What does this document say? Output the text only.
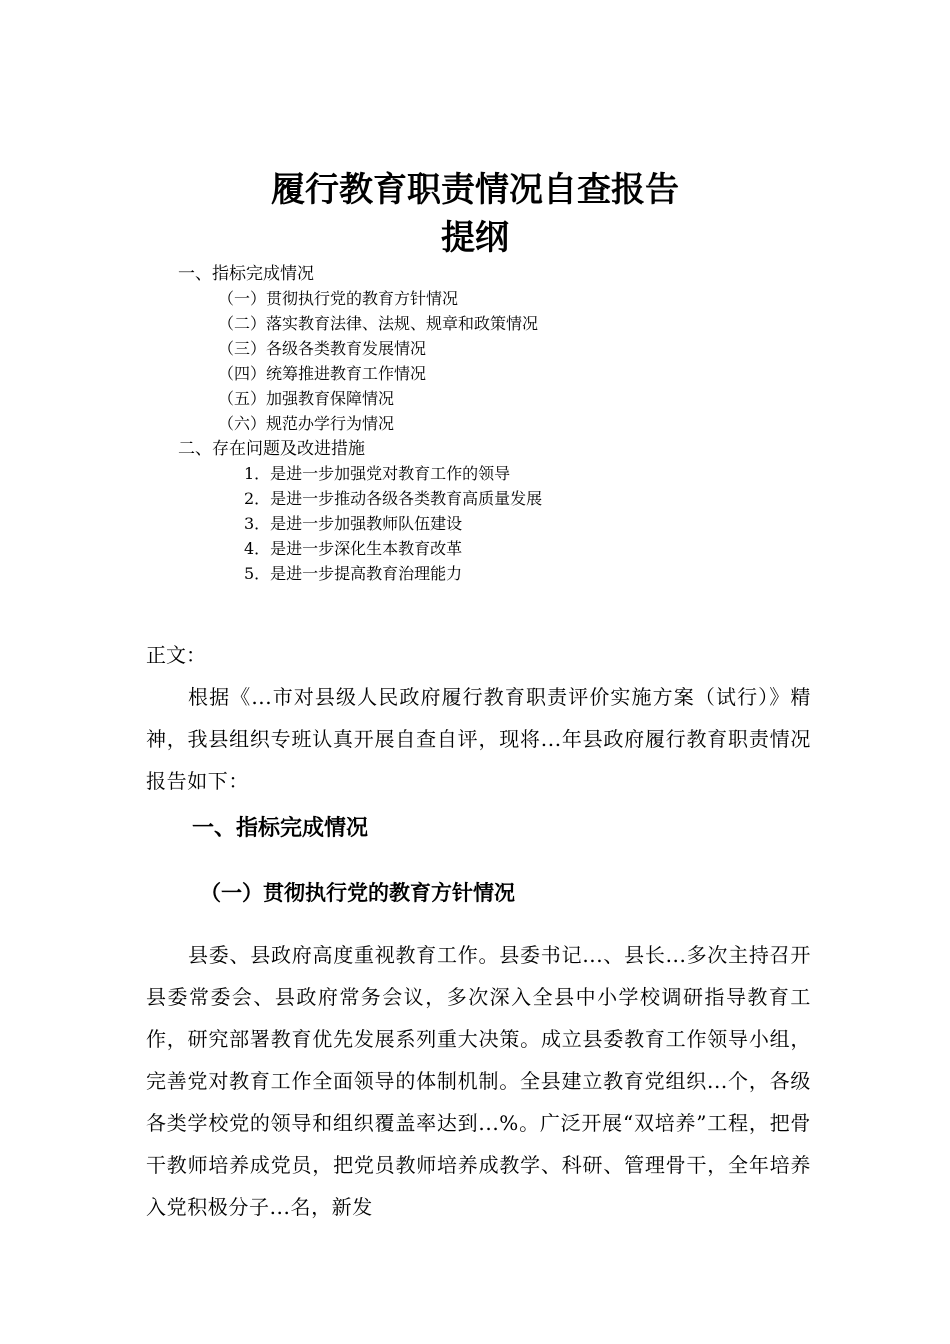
履行教育职责情况自查报告
提纲
一、指标完成情况
（一）贯彻执行党的教育方针情况
（二）落实教育法律、法规、规章和政策情况
（三）各级各类教育发展情况
（四）统筹推进教育工作情况
（五）加强教育保障情况
（六）规范办学行为情况
二、存在问题及改进措施
1．是进一步加强党对教育工作的领导
2．是进一步推动各级各类教育高质量发展
3．是进一步加强教师队伍建设
4．是进一步深化生本教育改革
5．是进一步提高教育治理能力
正文：

根据《...市对县级人民政府履行教育职责评价实施方案（试行）》精神，我县组织专班认真开展自查自评，现将...年县政府履行教育职责情况报告如下：

一、指标完成情况
（一）贯彻执行党的教育方针情况

县委、县政府高度重视教育工作。县委书记...、县长...多次主持召开县委常委会、县政府常务会议，多次深入全县中小学校调研指导教育工作，研究部署教育优先发展系列重大决策。成立县委教育工作领导小组，完善党对教育工作全面领导的体制机制。全县建立教育党组织...个，各级各类学校党的领导和组织覆盖率达到...%。广泛开展“双培养”工程，把骨干教师培养成党员，把党员教师培养成教学、科研、管理骨干，全年培养入党积极分子...名，新发
